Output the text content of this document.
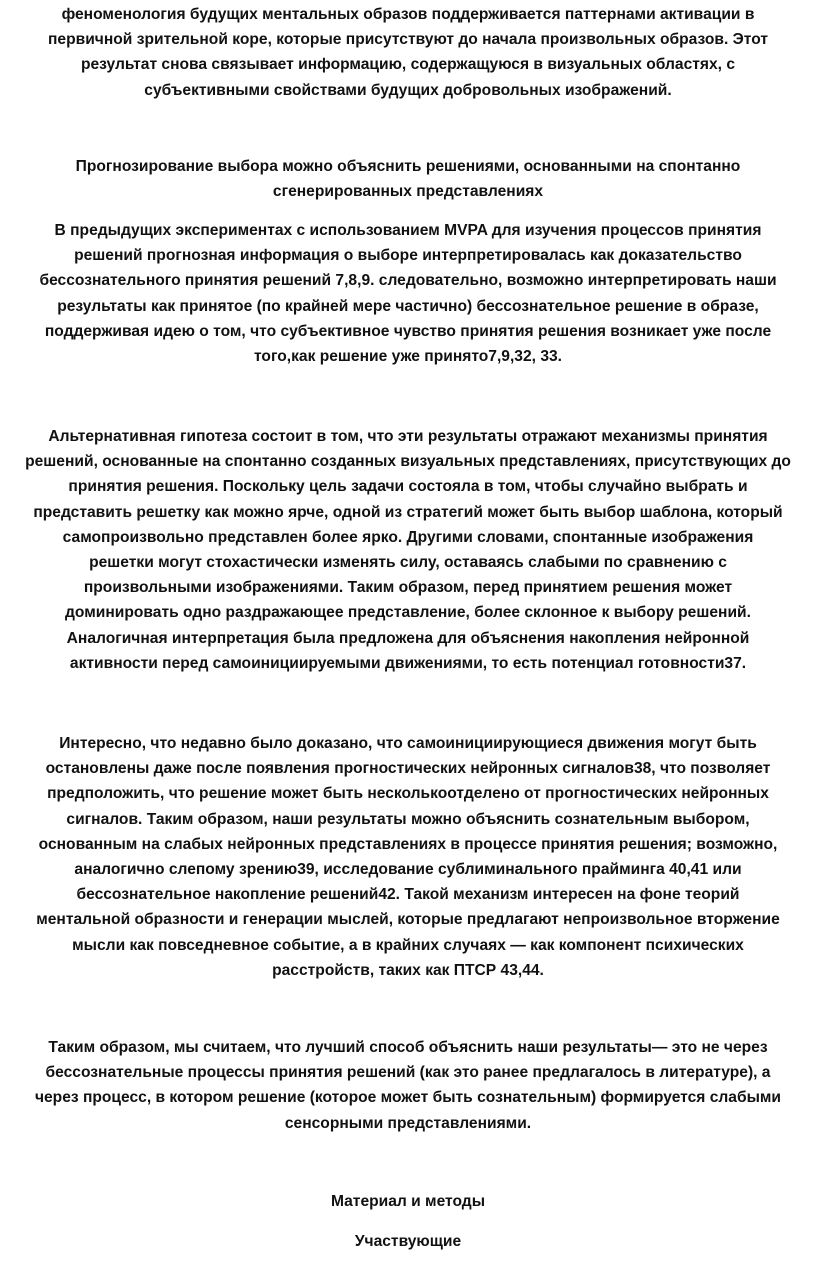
феноменология будущих ментальных образов поддерживается паттернами активации в
первичной зрительной коре, которые присутствуют до начала произвольных образов. Этот
результат снова связывает информацию, содержащуюся в визуальных областях, с
субъективными свойствами будущих добровольных изображений.
Прогнозирование выбора можно объяснить решениями, основанными на спонтанно
сгенерированных представлениях
В предыдущих экспериментах с использованием MVPA для изучения процессов принятия
решений прогнозная информация о выборе интерпретировалась как доказательство
бессознательного принятия решений 7,8,9. следовательно, возможно интерпретировать наши
результаты как принятое (по крайней мере частично) бессознательное решение в образе,
поддерживая идею о том, что субъективное чувство принятия решения возникает уже после
того,как решение уже принято7,9,32, 33.
Альтернативная гипотеза состоит в том, что эти результаты отражают механизмы принятия
решений, основанные на спонтанно созданных визуальных представлениях, присутствующих до
принятия решения. Поскольку цель задачи состояла в том, чтобы случайно выбрать и
представить решетку как можно ярче, одной из стратегий может быть выбор шаблона, который
самопроизвольно представлен более ярко. Другими словами, спонтанные изображения
решетки могут стохастически изменять силу, оставаясь слабыми по сравнению с
произвольными изображениями. Таким образом, перед принятием решения может
доминировать одно раздражающее представление, более склонное к выбору решений.
Аналогичная интерпретация была предложена для объяснения накопления нейронной
активности перед самоинициируемыми движениями, то есть потенциал готовности37.
Интересно, что недавно было доказано, что самоинициирующиеся движения могут быть
остановлены даже после появления прогностических нейронных сигналов38, что позволяет
предположить, что решение может быть несколькоотделено от прогностических нейронных
сигналов. Таким образом, наши результаты можно объяснить сознательным выбором,
основанным на слабых нейронных представлениях в процессе принятия решения; возможно,
аналогично слепому зрению39, исследование сублиминального прайминга 40,41 или
бессознательное накопление решений42. Такой механизм интересен на фоне теорий
ментальной образности и генерации мыслей, которые предлагают непроизвольное вторжение
мысли как повседневное событие, а в крайних случаях — как компонент психических
расстройств, таких как ПТСР 43,44.
Таким образом, мы считаем, что лучший способ объяснить наши результаты— это не через
бессознательные процессы принятия решений (как это ранее предлагалось в литературе), а
через процесс, в котором решение (которое может быть сознательным) формируется слабыми
сенсорными представлениями.
Материал и методы
Участвующие
